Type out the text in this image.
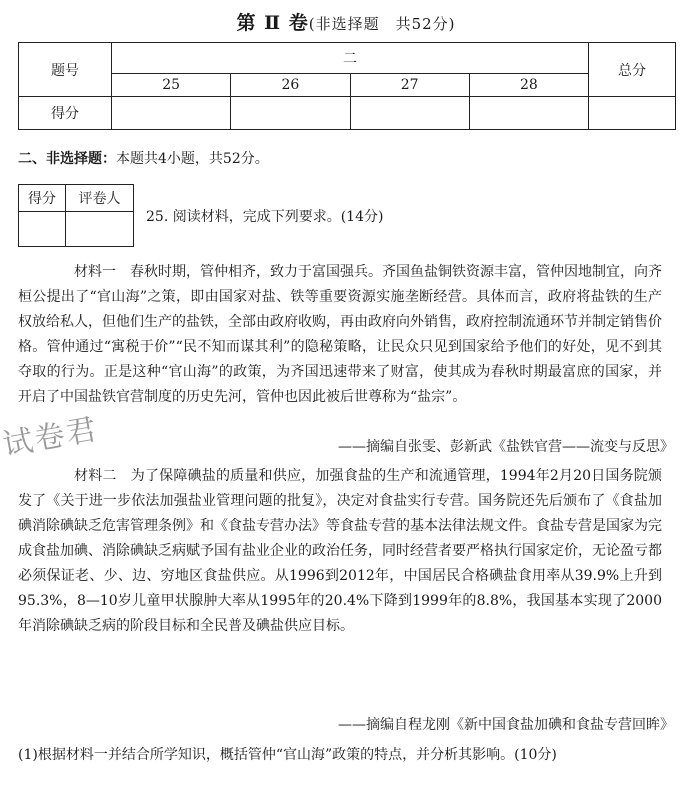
第 Ⅱ 卷(非选择题　共52分)
题号	二				总分
	25	26	27	28	
得分					
二、非选择题：本题共4小题，共52分。
得分	评卷人

25. 阅读材料，完成下列要求。(14分)
材料一　春秋时期，管仲相齐，致力于富国强兵。齐国鱼盐铜铁资源丰富，管仲因地制宜，向齐桓公提出了“官山海”之策，即由国家对盐、铁等重要资源实施垄断经营。具体而言，政府将盐铁的生产权放给私人，但他们生产的盐铁，全部由政府收购，再由政府向外销售，政府控制流通环节并制定销售价格。管仲通过“寓税于价”“民不知而谋其利”的隐秘策略，让民众只见到国家给予他们的好处，见不到其夺取的行为。正是这种“官山海”的政策，为齐国迅速带来了财富，使其成为春秋时期最富庶的国家，并开启了中国盐铁官营制度的历史先河，管仲也因此被后世尊称为“盐宗”。
——摘编自张雯、彭新武《盐铁官营——流变与反思》
材料二　为了保障碘盐的质量和供应，加强食盐的生产和流通管理，1994年2月20日国务院颁发了《关于进一步依法加强盐业管理问题的批复》，决定对食盐实行专营。国务院还先后颁布了《食盐加碘消除碘缺乏危害管理条例》和《食盐专营办法》等食盐专营的基本法律法规文件。食盐专营是国家为完成食盐加碘、消除碘缺乏病赋予国有盐业企业的政治任务，同时经营者要严格执行国家定价，无论盈亏都必须保证老、少、边、穷地区食盐供应。从1996到2012年，中国居民合格碘盐食用率从39.9%上升到95.3%，8—10岁儿童甲状腺肿大率从1995年的20.4%下降到1999年的8.8%，我国基本实现了2000年消除碘缺乏病的阶段目标和全民普及碘盐供应目标。
——摘编自程龙刚《新中国食盐加碘和食盐专营回眸》
(1)根据材料一并结合所学知识，概括管仲“官山海”政策的特点，并分析其影响。(10分)
试卷君
